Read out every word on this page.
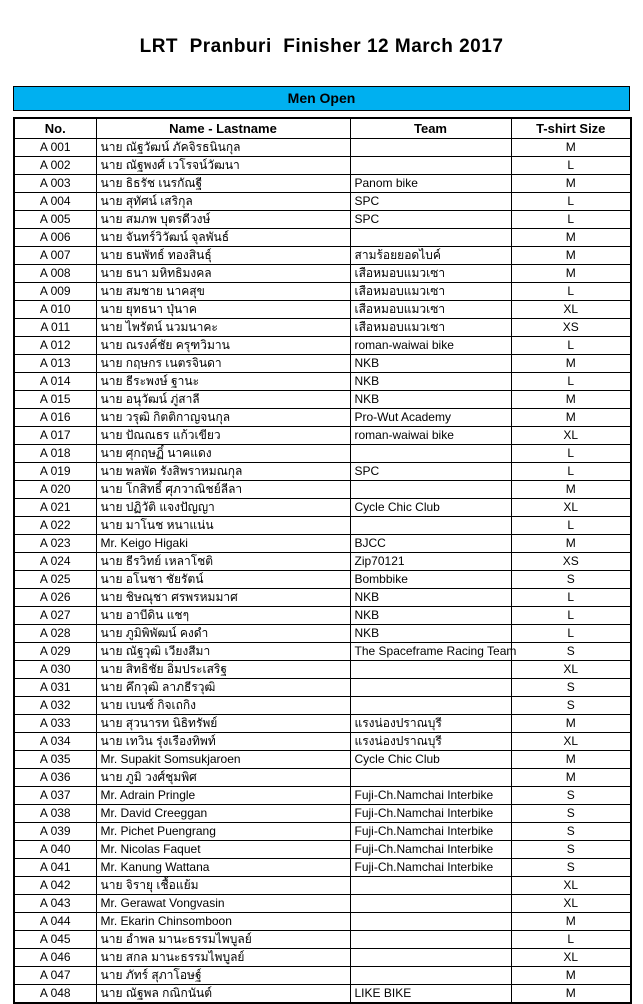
LRT  Pranburi  Finisher 12 March 2017
Men Open
No.	Name - Lastname	Team	T-shirt Size
A 001	นาย ณัฐวัฒน์ ภัคจิรธนินกุล		M
A 002	นาย ณัฐพงศ์ เวโรจน์วัฒนา		L
A 003	นาย ธิธรัช เนรกัณฐี	Panom bike	M
A 004	นาย สุทัศน์ เสริกุล	SPC	L
A 005	นาย สมภพ บุตรดีวงษ์	SPC	L
A 006	นาย จันทร์วิวัฒน์ จุลพันธ์		M
A 007	นาย ธนพัทธ์ ทองสินธุ์	สามร้อยยอดไบค์	M
A 008	นาย ธนา มหิทธิมงคล	เสือหมอบแมวเซา	M
A 009	นาย สมชาย นาคสุข	เสือหมอบแมวเซา	L
A 010	นาย ยุทธนา ปุ่นาค	เสือหมอบแมวเซา	XL
A 011	นาย ไพรัตน์ นวมนาคะ	เสือหมอบแมวเซา	XS
A 012	นาย ณรงค์ชัย ครุฑวิมาน	roman-waiwai bike	L
A 013	นาย กฤษกร เนตรจินดา	NKB	M
A 014	นาย ธีระพงษ์ ฐานะ	NKB	L
A 015	นาย อนุวัฒน์ ภู่สาลี	NKB	M
A 016	นาย วรุฒิ กิตติกาญจนกุล	Pro-Wut Academy	M
A 017	นาย ปัณณธร แก้วเขียว	roman-waiwai bike	XL
A 018	นาย ศุกฤษฏิ์ นาคแดง		L
A 019	นาย พลพัด รังสิพราหมณกุล	SPC	L
A 020	นาย โกสิทธิ์ ศุภวาณิชย์ลีลา		M
A 021	นาย ปฏิวัติ แจงปัญญา	Cycle Chic Club	XL
A 022	นาย มาโนช หนาแน่น		L
A 023	Mr. Keigo Higaki	BJCC	M
A 024	นาย ธีรวิทย์ เหลาโชติ	Zip70121	XS
A 025	นาย อโนชา ชัยรัตน์	Bombbike	S
A 026	นาย ชิษณุชา ศรพรหมมาศ	NKB	L
A 027	นาย อาบีดิน แชๆ	NKB	L
A 028	นาย ภูมิพิพัฒน์ คงดำ	NKB	L
A 029	นาย ณัฐวุฒิ เวียงสีมา	The Spaceframe Racing Team	S
A 030	นาย สิทธิชัย อิ่มประเสริฐ		XL
A 031	นาย คึกวุฒิ ลาภธีรวุฒิ		S
A 032	นาย เบนซ์ กิจเถกิง		S
A 033	นาย สุวนารท นิธิทรัพย์	แรงน่องปราณบุรี	M
A 034	นาย เทวิน รุ่งเรืองทิพท์	แรงน่องปราณบุรี	XL
A 035	Mr. Supakit Somsukjaroen	Cycle Chic Club	M
A 036	นาย ภูมิ วงศ์ชุมพิศ		M
A 037	Mr. Adrain Pringle	Fuji-Ch.Namchai Interbike	S
A 038	Mr. David Creeggan	Fuji-Ch.Namchai Interbike	S
A 039	Mr. Pichet Puengrang	Fuji-Ch.Namchai Interbike	S
A 040	Mr. Nicolas Faquet	Fuji-Ch.Namchai Interbike	S
A 041	Mr. Kanung Wattana	Fuji-Ch.Namchai Interbike	S
A 042	นาย จิรายุ เชื้อแย้ม		XL
A 043	Mr. Gerawat Vongvasin		XL
A 044	Mr. Ekarin Chinsomboon		M
A 045	นาย อำพล มานะธรรมไพบูลย์		L
A 046	นาย สกล มานะธรรมไพบูลย์		XL
A 047	นาย ภัทร์ สุภาโอษฐ์		M
A 048	นาย ณัฐพล กณิกนันต์	LIKE BIKE	M
